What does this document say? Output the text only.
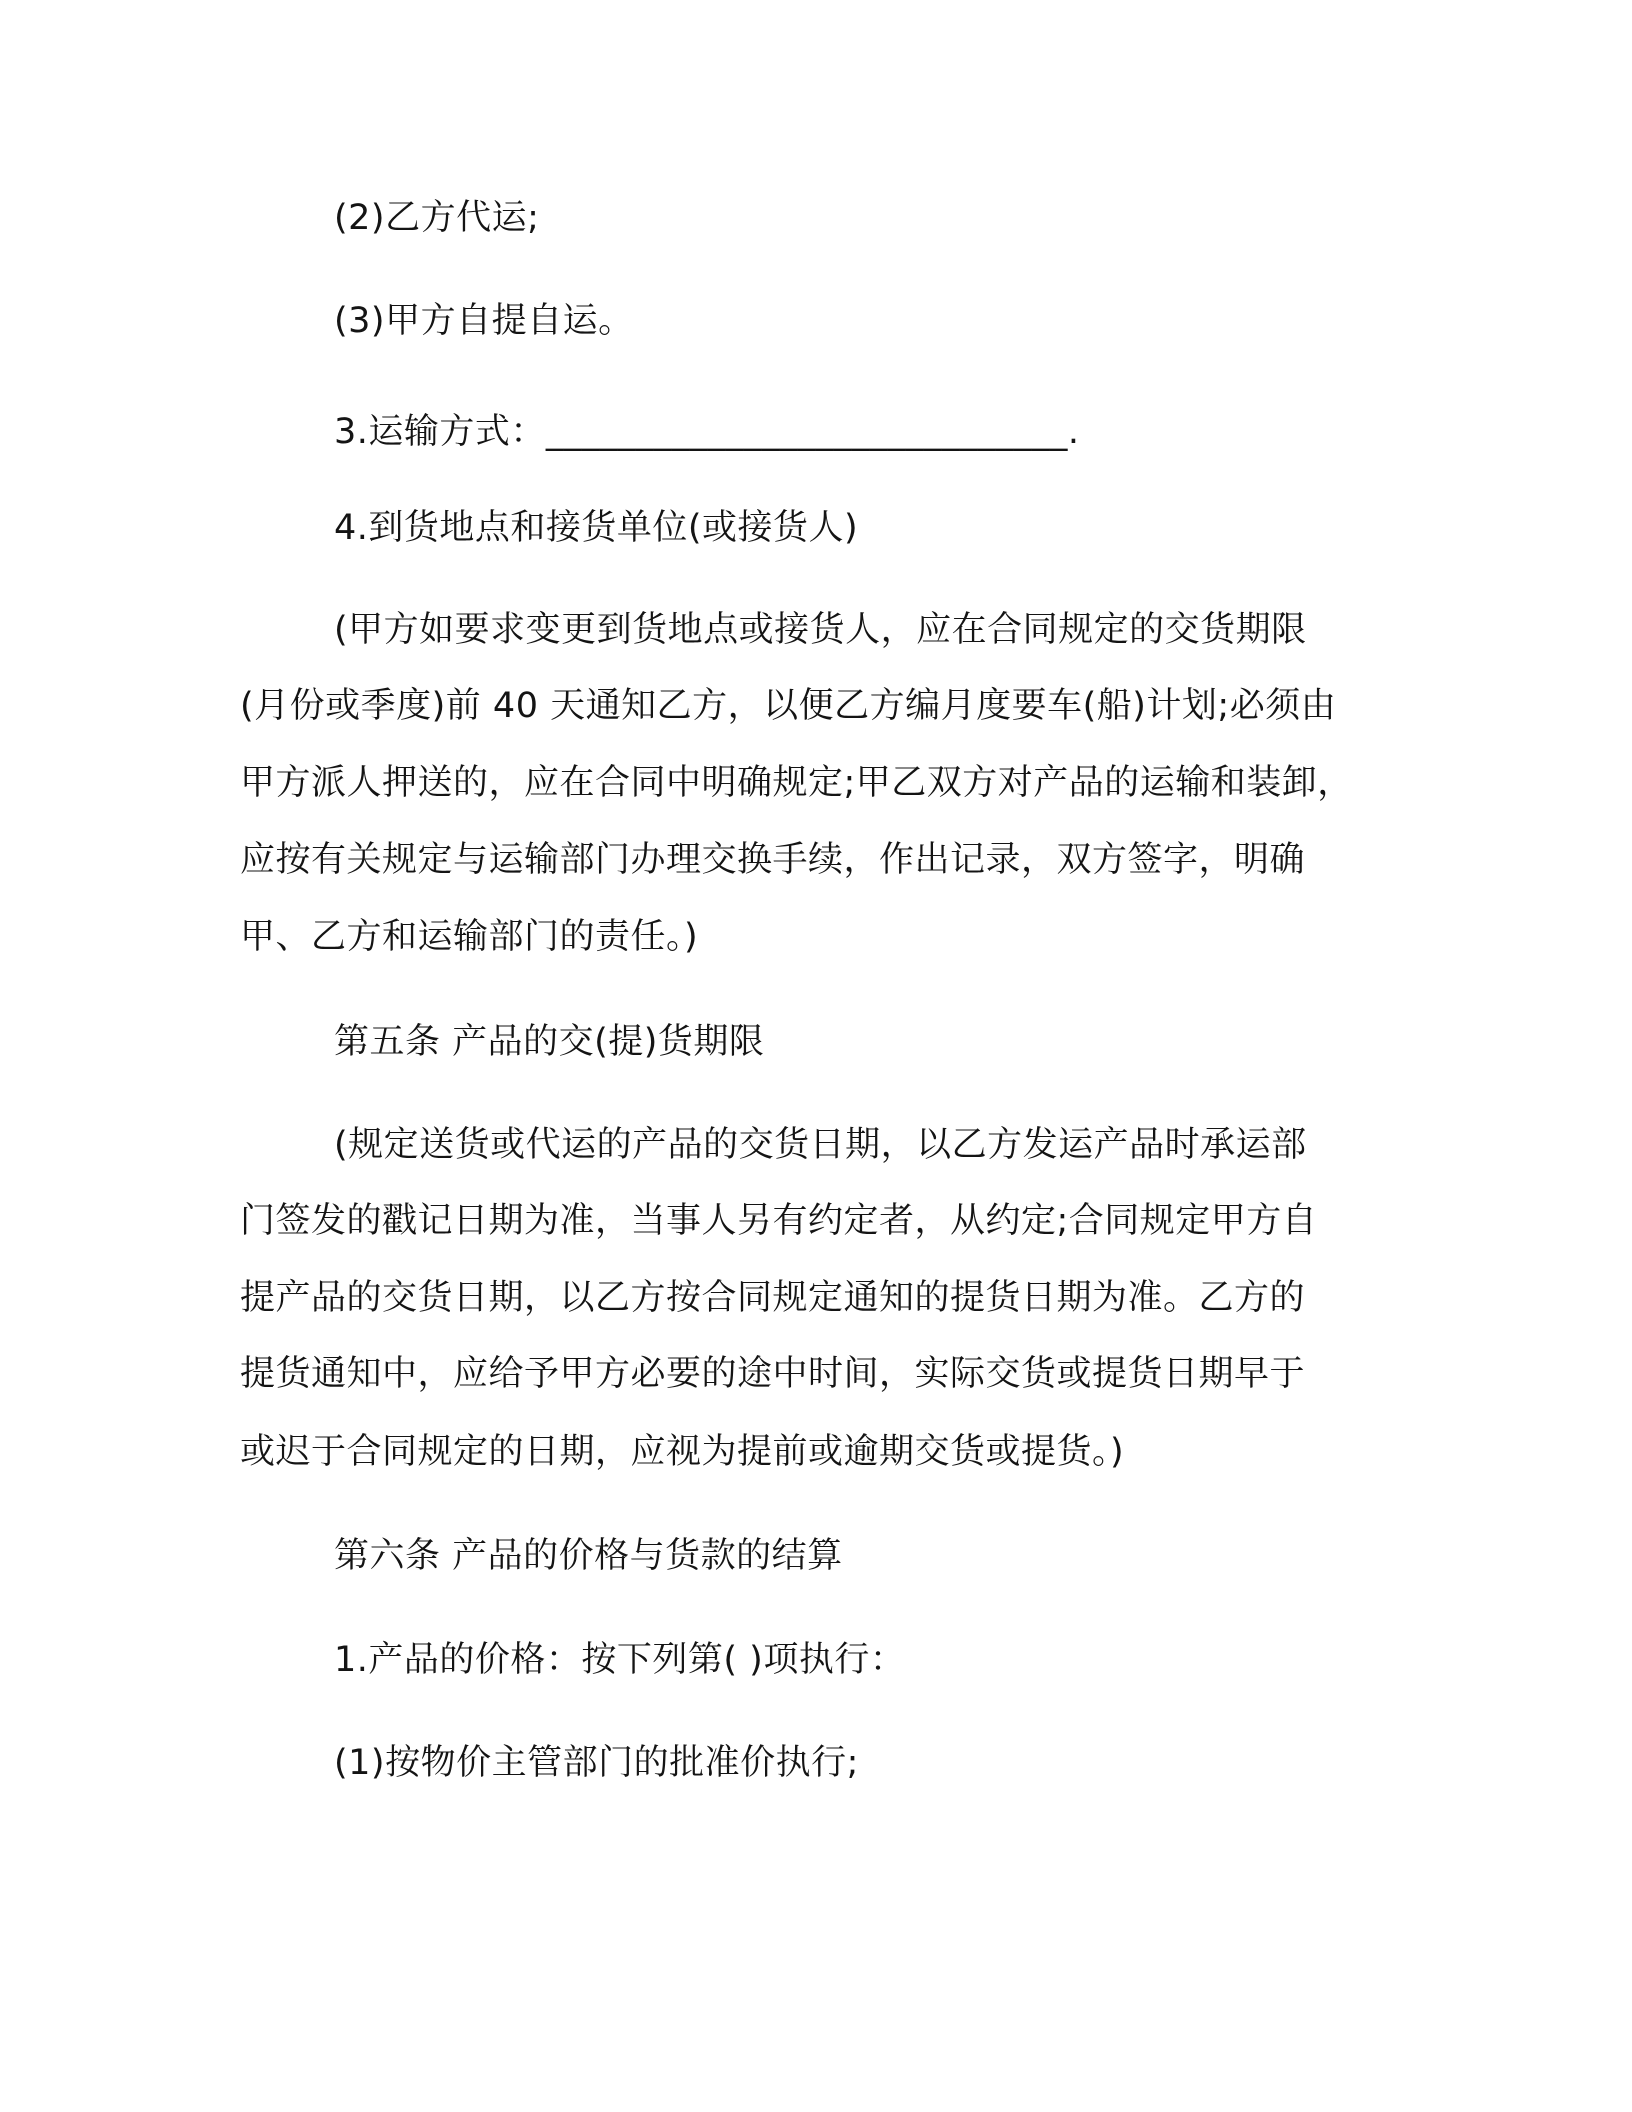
(2)乙方代运;
(3)甲方自提自运。
3.运输方式：_____________________________.
4.到货地点和接货单位(或接货人)
(甲方如要求变更到货地点或接货人，应在合同规定的交货期限
(月份或季度)前 40 天通知乙方，以便乙方编月度要车(船)计划;必须由
甲方派人押送的，应在合同中明确规定;甲乙双方对产品的运输和装卸，
应按有关规定与运输部门办理交换手续，作出记录，双方签字，明确
甲、乙方和运输部门的责任。)
第五条 产品的交(提)货期限
(规定送货或代运的产品的交货日期，以乙方发运产品时承运部
门签发的戳记日期为准，当事人另有约定者，从约定;合同规定甲方自
提产品的交货日期，以乙方按合同规定通知的提货日期为准。乙方的
提货通知中，应给予甲方必要的途中时间，实际交货或提货日期早于
或迟于合同规定的日期，应视为提前或逾期交货或提货。)
第六条 产品的价格与货款的结算
1.产品的价格：按下列第( )项执行：
(1)按物价主管部门的批准价执行;
